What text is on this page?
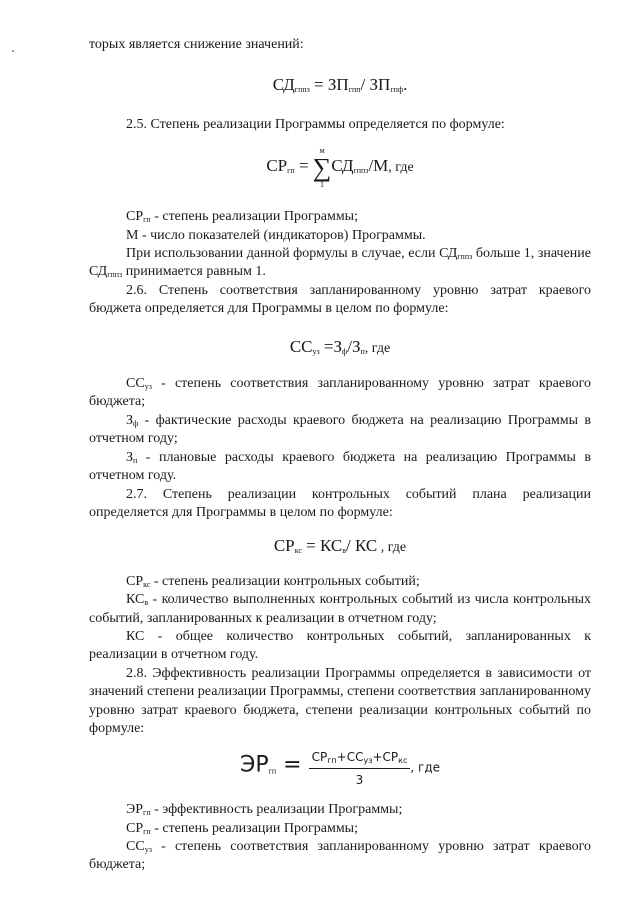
торых является снижение значений:

$СД_{гппз} = ЗП_{гпп}/$ $ЗП_{гпф}$.

2.5. Степень реализации Программы определяется по формуле:

$СР_{гп}$ =
м
∑
1
$СД_{гппз}/М$, где

$СР_{гп}$ - степень реализации Программы;

М - число показателей (индикаторов) Программы.

При использовании данной формулы в случае, если $СД_{гппз}$ больше 1, значение $СД_{гппз}$ принимается равным 1.

2.6. Степень соответствия запланированному уровню затрат краевого бюджета определяется для Программы в целом по формуле:

$СС_{уз} =З_ф/З_п$, где

$СС_{уз}$ - степень соответствия запланированному уровню затрат краевого бюджета;

$З_ф$ - фактические расходы краевого бюджета на реализацию Программы в отчетном году;

$З_п$ - плановые расходы краевого бюджета на реализацию Программы в отчетном году.

2.7. Степень реализации контрольных событий плана реализации определяется для Программы в целом по формуле:

$СР_{кс} = КС_в/$ КС , где

$СР_{кс}$ - степень реализации контрольных событий;

$КС_в$ - количество выполненных контрольных событий из числа контрольных событий, запланированных к реализации в отчетном году;

КС - общее количество контрольных событий, запланированных к реализации в отчетном году.

2.8. Эффективность реализации Программы определяется в зависимости от значений степени реализации Программы, степени соответствия запланированному уровню затрат краевого бюджета, степени реализации контрольных событий по формуле:

$ЭР_{гп} = \frac{СР_{гп}+СС_{уз}+СР_{кс}}{3}$ , где

$ЭР_{гп}$ - эффективность реализации Программы;

$СР_{гп}$ - степень реализации Программы;

$СС_{уз}$ - степень соответствия запланированному уровню затрат краевого бюджета;
